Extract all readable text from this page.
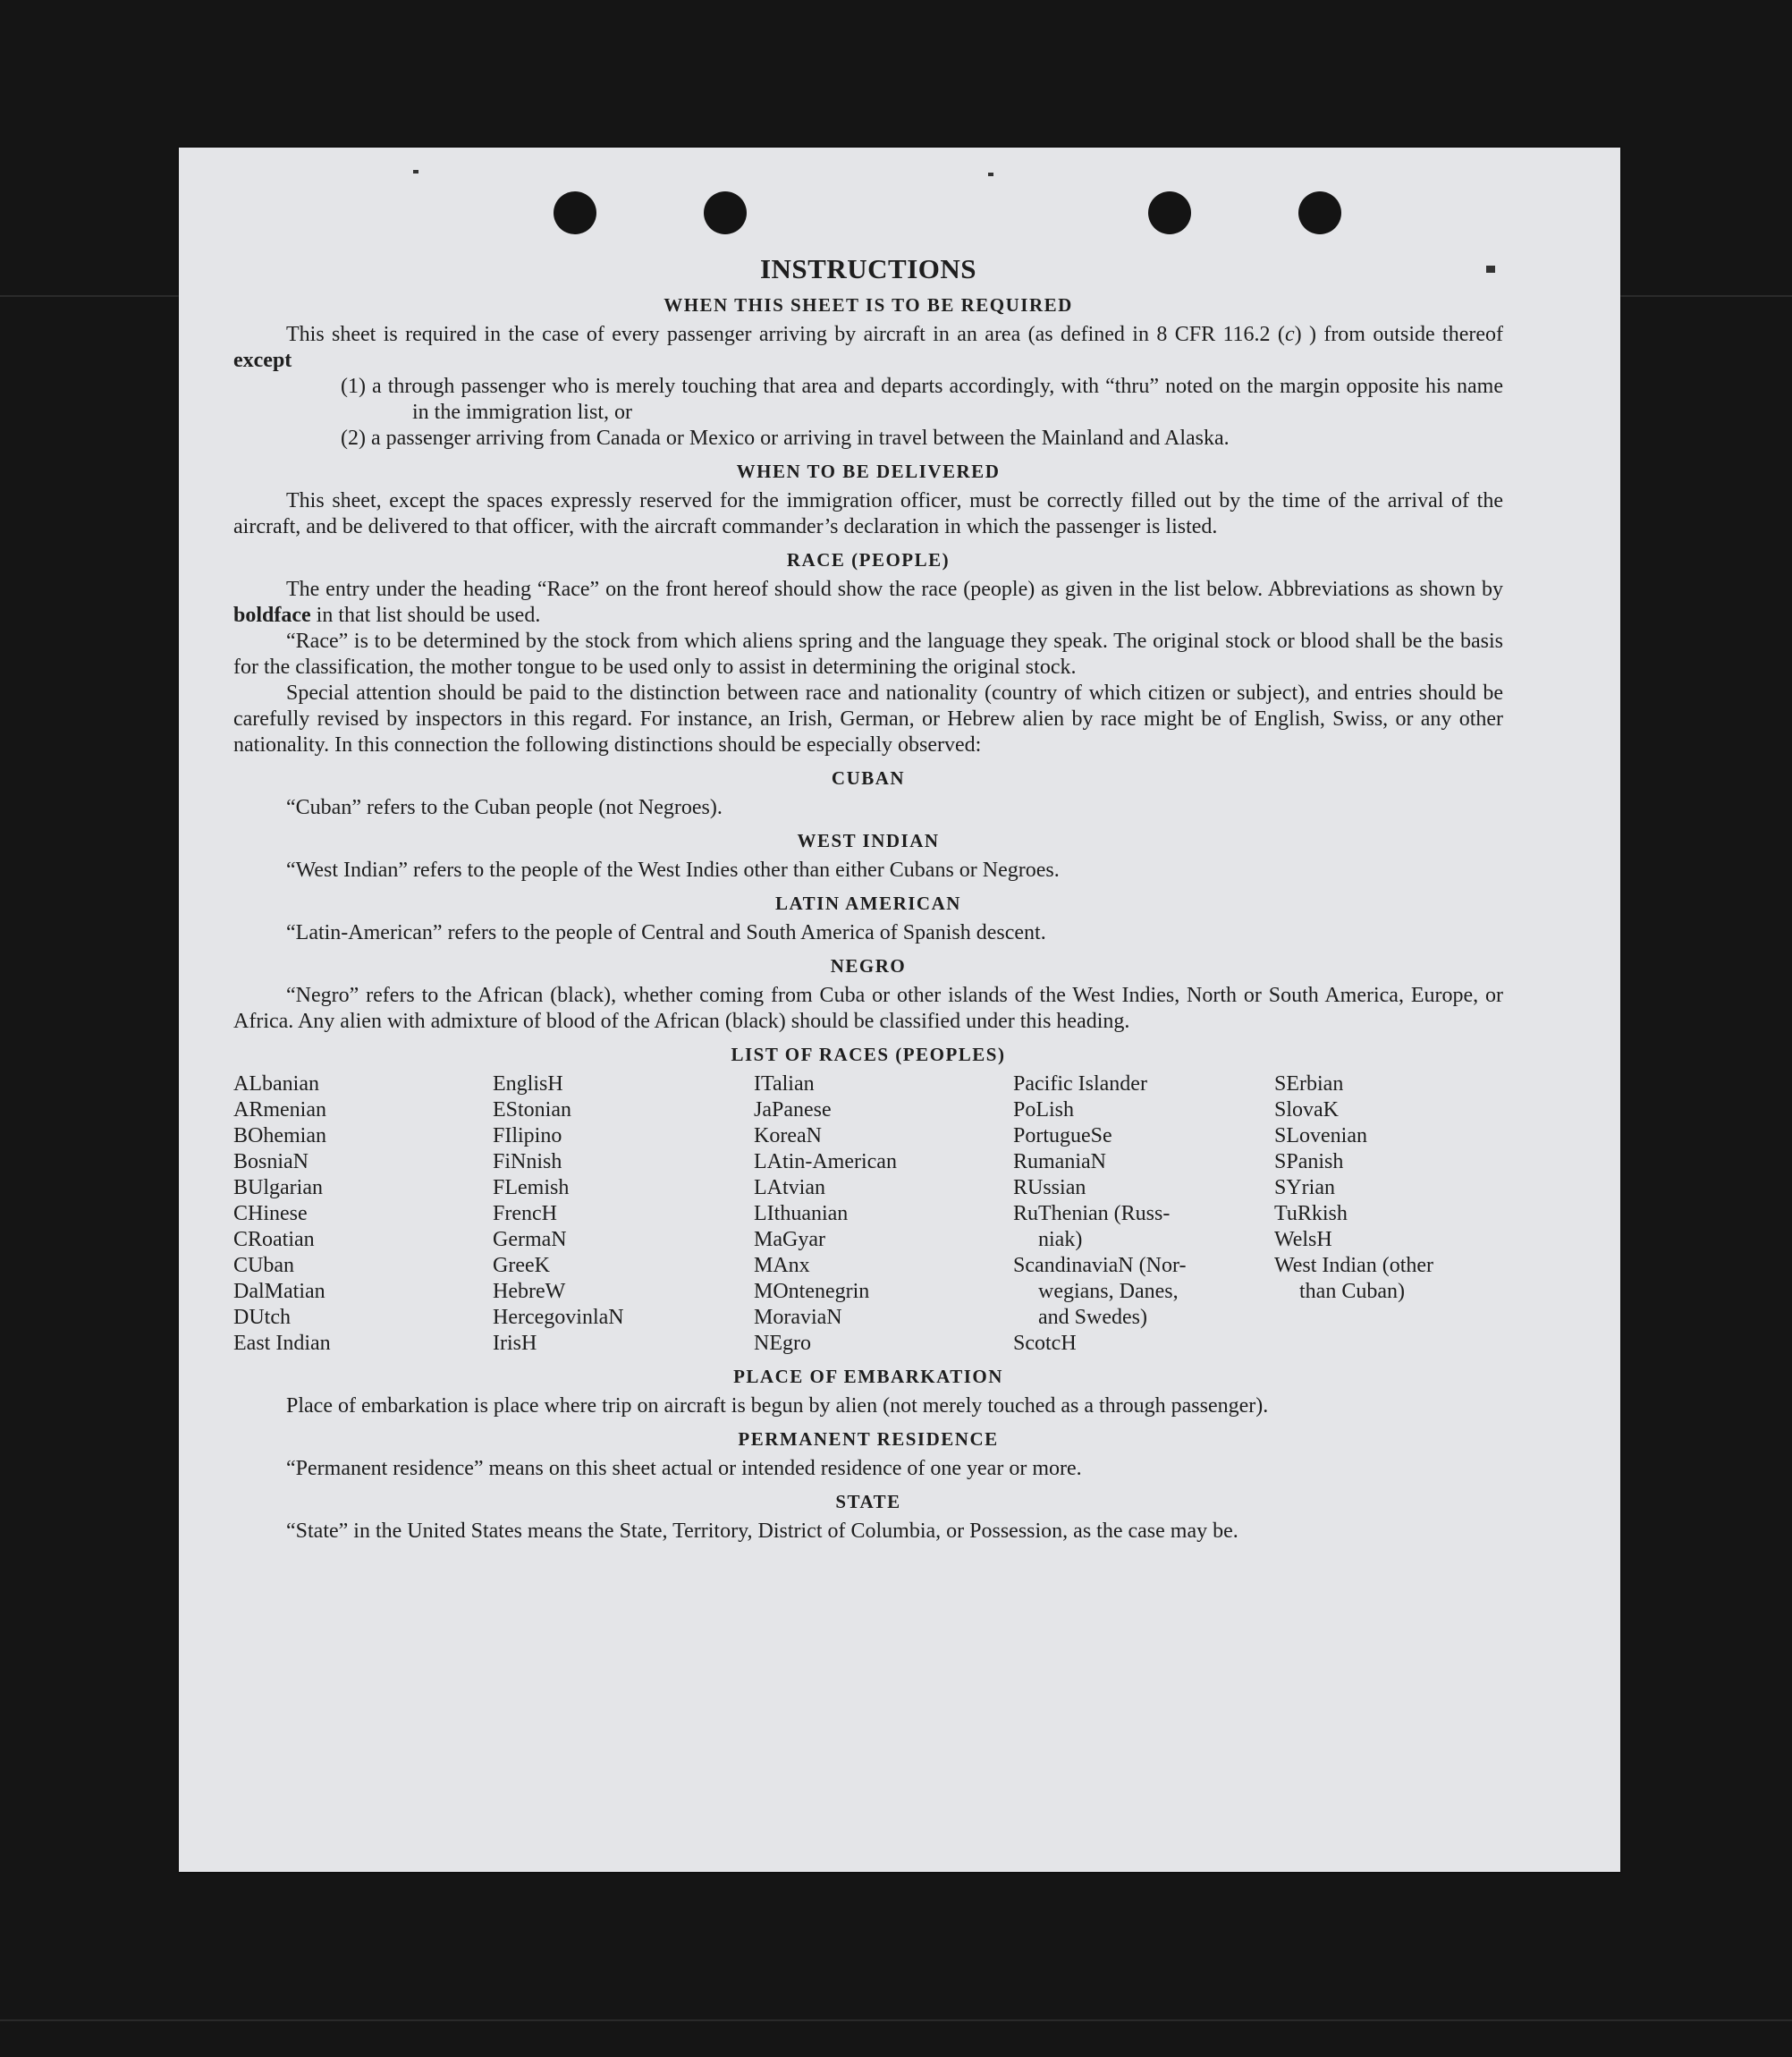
INSTRUCTIONS
WHEN THIS SHEET IS TO BE REQUIRED

This sheet is required in the case of every passenger arriving by aircraft in an area (as defined in 8 CFR 116.2 (c) ) from outside thereof except

(1) a through passenger who is merely touching that area and departs accordingly, with “thru” noted on the margin opposite his name in the immigration list, or

(2) a passenger arriving from Canada or Mexico or arriving in travel between the Mainland and Alaska.

WHEN TO BE DELIVERED

This sheet, except the spaces expressly reserved for the immigration officer, must be correctly filled out by the time of the arrival of the aircraft, and be delivered to that officer, with the aircraft commander’s declaration in which the passenger is listed.

RACE (PEOPLE)

The entry under the heading “Race” on the front hereof should show the race (people) as given in the list below. Abbreviations as shown by boldface in that list should be used.

“Race” is to be determined by the stock from which aliens spring and the language they speak. The original stock or blood shall be the basis for the classification, the mother tongue to be used only to assist in determining the original stock.

Special attention should be paid to the distinction between race and nationality (country of which citizen or subject), and entries should be carefully revised by inspectors in this regard. For instance, an Irish, German, or Hebrew alien by race might be of English, Swiss, or any other nationality. In this connection the following distinctions should be especially observed:

CUBAN

“Cuban” refers to the Cuban people (not Negroes).

WEST INDIAN

“West Indian” refers to the people of the West Indies other than either Cubans or Negroes.

LATIN AMERICAN

“Latin-American” refers to the people of Central and South America of Spanish descent.

NEGRO

“Negro” refers to the African (black), whether coming from Cuba or other islands of the West Indies, North or South America, Europe, or Africa. Any alien with admixture of blood of the African (black) should be classified under this heading.

LIST OF RACES (PEOPLES)
ALbanian	EnglisH	ITalian	Pacific Islander	SErbian
ARmenian	EStonian	JaPanese	PoLish	SlovaK
BOhemian	FIlipino	KoreaN	PortugueSe	SLovenian
BosniaN	FiNnish	LAtin-American	RumaniaN	SPanish
BUlgarian	FLemish	LAtvian	RUssian	SYrian
CHinese	FrencH	LIthuanian	RuThenian (Russ-	TuRkish
CRoatian	GermaN	MaGyar	niak)	WelsH
CUban	GreeK	MAnx	ScandinaviaN (Nor-	West Indian (other
DalMatian	HebreW	MOntenegrin	wegians, Danes,	than Cuban)
DUtch	HercegovinlaN	MoraviaN	and Swedes)
East Indian	IrisH	NEgro	ScotcH
PLACE OF EMBARKATION

Place of embarkation is place where trip on aircraft is begun by alien (not merely touched as a through passenger).

PERMANENT RESIDENCE

“Permanent residence” means on this sheet actual or intended residence of one year or more.

STATE

“State” in the United States means the State, Territory, District of Columbia, or Possession, as the case may be.
